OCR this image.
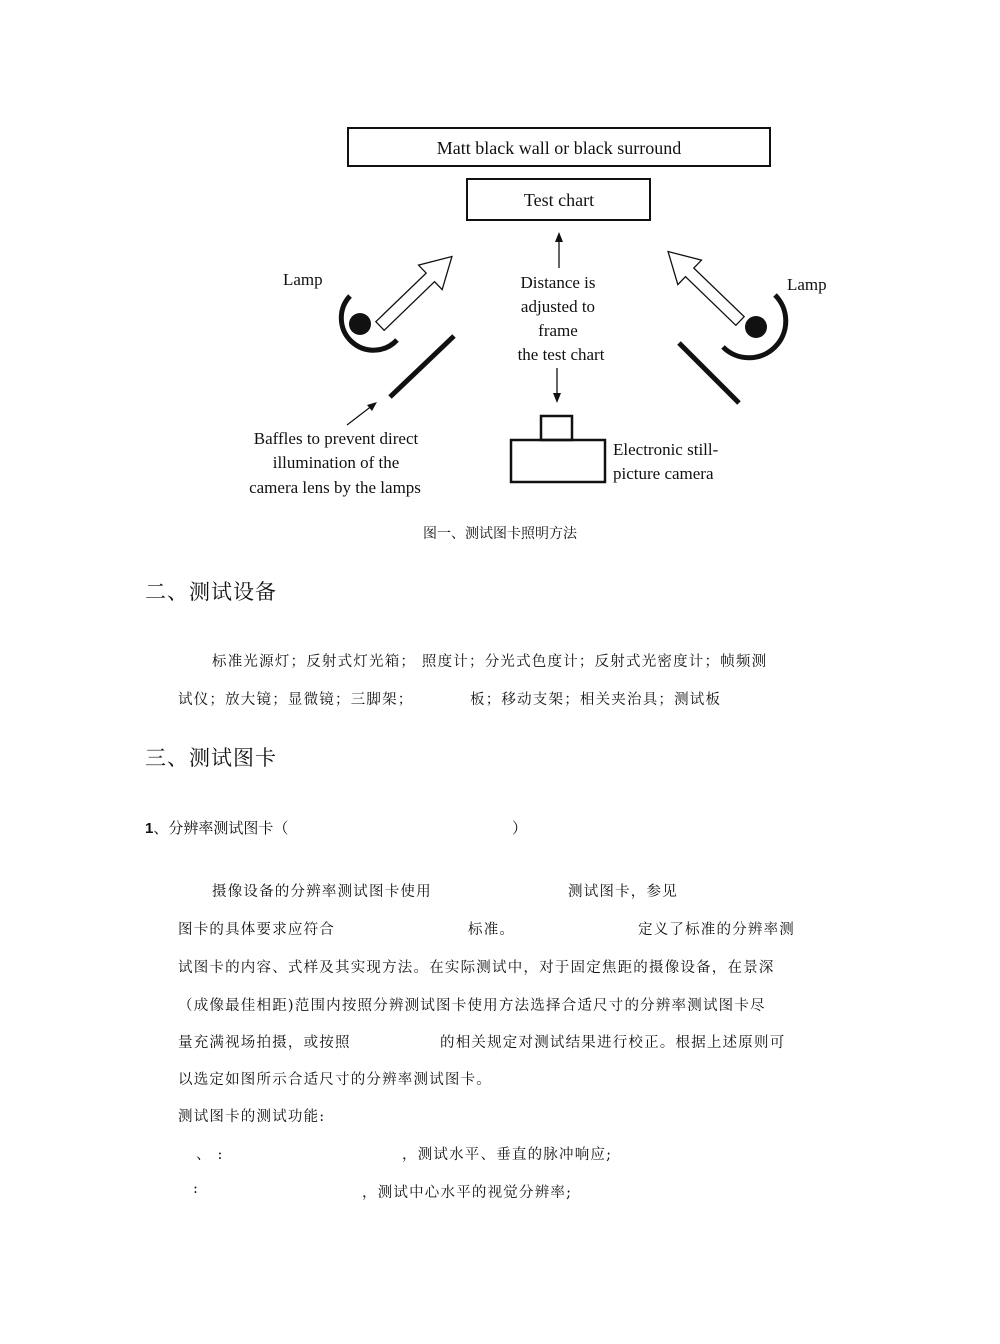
Matt black wall or black surround
Test chart
Distance is
adjusted to
frame
the test chart
Lamp	Lamp
Baffles to prevent direct
illumination of the
camera lens by the lamps
Electronic still-
picture camera
图一、测试图卡照明方法
二、测试设备
标准光源灯；反射式灯光箱； 照度计；分光式色度计；反射式光密度计；帧频测
试仪；放大镜；显微镜；三脚架；	板；移动支架；相关夹治具；测试板
三、测试图卡
1、分辨率测试图卡（	）
摄像设备的分辨率测试图卡使用	测试图卡，参见
图卡的具体要求应符合	标准。	定义了标准的分辨率测
试图卡的内容、式样及其实现方法。在实际测试中，对于固定焦距的摄像设备，在景深
（成像最佳相距)范围内按照分辨测试图卡使用方法选择合适尺寸的分辨率测试图卡尽
量充满视场拍摄，或按照	的相关规定对测试结果进行校正。根据上述原则可
以选定如图所示合适尺寸的分辨率测试图卡。
测试图卡的测试功能:
、 :	，测试水平、垂直的脉冲响应;
:	，测试中心水平的视觉分辨率;
